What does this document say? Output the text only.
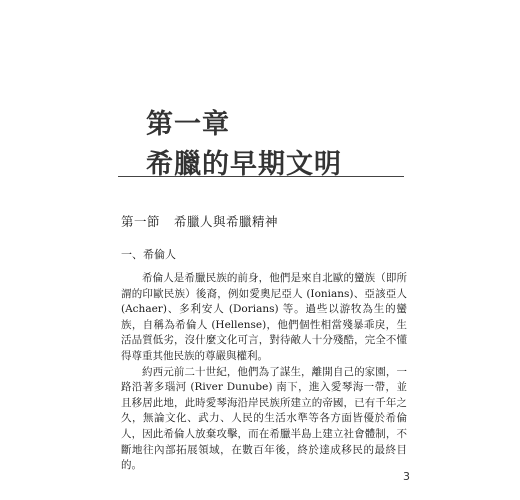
第一章
希臘的早期文明
第一節 希臘人與希臘精神
一、希倫人

希倫人是希臘民族的前身，他們是來自北歐的蠻族（即所謂的印歐民族）後裔，例如愛奧尼亞人 (Ionians)、亞該亞人 (Achaer)、多利安人 (Dorians) 等。過些以游牧為生的蠻族，自稱為希倫人 (Hellense)，他們個性相當殘暴乖戾，生活品質低劣，沒什麼文化可言，對待敵人十分殘酷，完全不懂得尊重其他民族的尊嚴與權利。

約西元前二十世紀，他們為了謀生，離開自己的家園，一路沿著多瑙河 (River Dunube) 南下，進入愛琴海一帶，並且移居此地，此時愛琴海沿岸民族所建立的帝國，已有千年之久，無論文化、武力、人民的生活水準等各方面皆優於希倫人，因此希倫人放棄攻擊，而在希臘半島上建立社會體制，不斷地往內部拓展領域，在數百年後，終於達成移民的最終目的。

3
